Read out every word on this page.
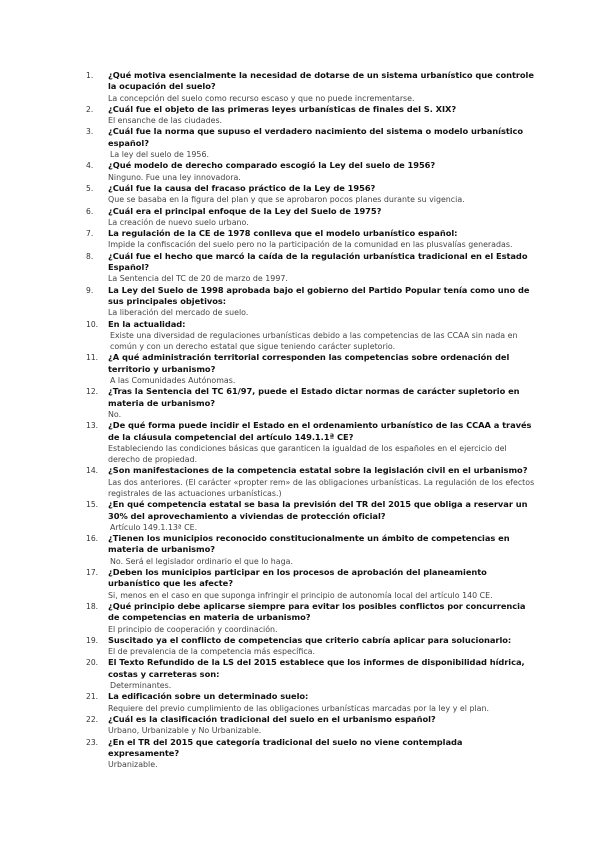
1.	¿Qué motiva esencialmente la necesidad de dotarse de un sistema urbanístico que controle la ocupación del suelo?
La concepción del suelo como recurso escaso y que no puede incrementarse.
2.	¿Cuál fue el objeto de las primeras leyes urbanísticas de finales del S. XIX?
El ensanche de las ciudades.
3.	¿Cuál fue la norma que supuso el verdadero nacimiento del sistema o modelo urbanístico español?
La ley del suelo de 1956.
4.	¿Qué modelo de derecho comparado escogió la Ley del suelo de 1956?
Ninguno. Fue una ley innovadora.
5.	¿Cuál fue la causa del fracaso práctico de la Ley de 1956?
Que se basaba en la figura del plan y que se aprobaron pocos planes durante su vigencia.
6.	¿Cuál era el principal enfoque de la Ley del Suelo de 1975?
La creación de nuevo suelo urbano.
7.	La regulación de la CE de 1978 conlleva que el modelo urbanístico español:
Impide la confiscación del suelo pero no la participación de la comunidad en las plusvalías generadas.
8.	¿Cuál fue el hecho que marcó la caída de la regulación urbanística tradicional en el Estado Español?
La Sentencia del TC de 20 de marzo de 1997.
9.	La Ley del Suelo de 1998 aprobada bajo el gobierno del Partido Popular tenía como uno de sus principales objetivos:
La liberación del mercado de suelo.
10.	En la actualidad:
Existe una diversidad de regulaciones urbanísticas debido a las competencias de las CCAA sin nada en común y con un derecho estatal que sigue teniendo carácter supletorio.
11.	¿A qué administración territorial corresponden las competencias sobre ordenación del territorio y urbanismo?
A las Comunidades Autónomas.
12.	¿Tras la Sentencia del TC 61/97, puede el Estado dictar normas de carácter supletorio en materia de urbanismo?
No.
13.	¿De qué forma puede incidir el Estado en el ordenamiento urbanístico de las CCAA a través de la cláusula competencial del artículo 149.1.1ª CE?
Estableciendo las condiciones básicas que garanticen la igualdad de los españoles en el ejercicio del derecho de propiedad.
14.	¿Son manifestaciones de la competencia estatal sobre la legislación civil en el urbanismo?
Las dos anteriores. (El carácter «propter rem» de las obligaciones urbanísticas. La regulación de los efectos registrales de las actuaciones urbanísticas.)
15.	¿En qué competencia estatal se basa la previsión del TR del 2015 que obliga a reservar un 30% del aprovechamiento a viviendas de protección oficial?
Artículo 149.1.13ª CE.
16.	¿Tienen los municipios reconocido constitucionalmente un ámbito de competencias en materia de urbanismo?
No. Será el legislador ordinario el que lo haga.
17.	¿Deben los municipios participar en los procesos de aprobación del planeamiento urbanístico que les afecte?
Si, menos en el caso en que suponga infringir el principio de autonomía local del artículo 140 CE.
18.	¿Qué principio debe aplicarse siempre para evitar los posibles conflictos por concurrencia de competencias en materia de urbanismo?
El principio de cooperación y coordinación.
19.	Suscitado ya el conflicto de competencias que criterio cabría aplicar para solucionarlo:
El de prevalencia de la competencia más específica.
20.	El Texto Refundido de la LS del 2015 establece que los informes de disponibilidad hídrica, costas y carreteras son:
Determinantes.
21.	La edificación sobre un determinado suelo:
Requiere del previo cumplimiento de las obligaciones urbanísticas marcadas por la ley y el plan.
22.	¿Cuál es la clasificación tradicional del suelo en el urbanismo español?
Urbano, Urbanizable y No Urbanizable.
23.	¿En el TR del 2015 que categoría tradicional del suelo no viene contemplada expresamente?
Urbanizable.
